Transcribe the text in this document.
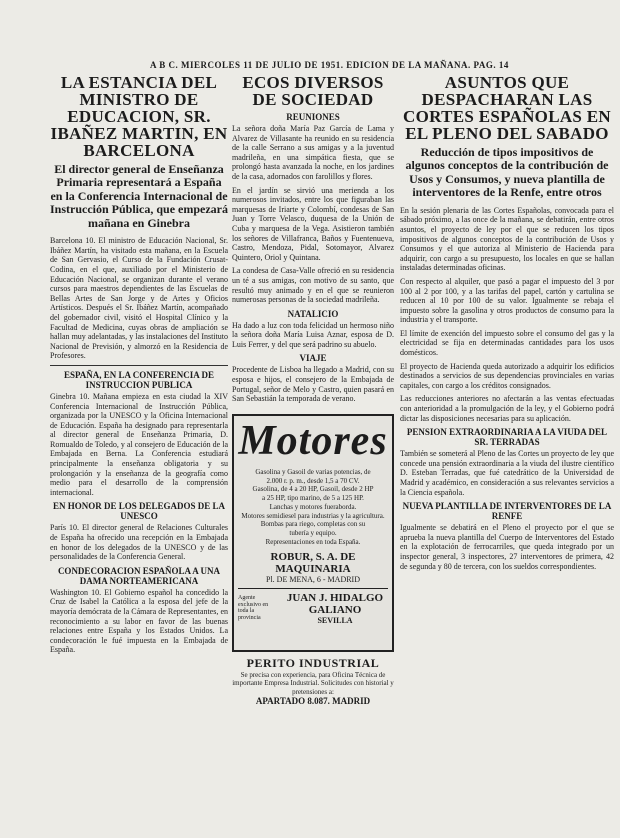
A B C. MIERCOLES 11 DE JULIO DE 1951. EDICION DE LA MAÑANA. PAG. 14
LA ESTANCIA DEL MINISTRO DE EDUCACION, SR. IBAÑEZ MARTIN, EN BARCELONA
El director general de Enseñanza Primaria representará a España en la Conferencia Internacional de Instrucción Pública, que empezará mañana en Ginebra

Barcelona 10. El ministro de Educación Nacional, Sr. Ibáñez Martín, ha visitado esta mañana, en la Escuela de San Gervasio, el Curso de la Fundación Crusat-Codina, en el que, auxiliado por el Ministerio de Educación Nacional, se organizan durante el verano cursos para maestros dependientes de las Escuelas de Bellas Artes de San Jorge y de Artes y Oficios Artísticos. Después el Sr. Ibáñez Martín, acompañado del gobernador civil, visitó el Hospital Clínico y la Facultad de Medicina, cuyas obras de ampliación se hallan muy adelantadas, y las instalaciones del Instituto Nacional de Previsión, y almorzó en la Residencia de Profesores.

ESPAÑA, EN LA CONFERENCIA DE INSTRUCCION PUBLICA

Ginebra 10. Mañana empieza en esta ciudad la XIV Conferencia Internacional de Instrucción Pública, organizada por la UNESCO y la Oficina Internacional de Educación. España ha designado para representarla al director general de Enseñanza Primaria, D. Romualdo de Toledo, y al consejero de Educación de la Embajada en Berna. La Conferencia estudiará principalmente la enseñanza obligatoria y su prolongación y la enseñanza de la geografía como medio para el desarrollo de la comprensión internacional.

EN HONOR DE LOS DELEGADOS DE LA UNESCO

París 10. El director general de Relaciones Culturales de España ha ofrecido una recepción en la Embajada en honor de los delegados de la UNESCO y de las personalidades de la Conferencia General.

CONDECORACION ESPAÑOLA A UNA DAMA NORTEAMERICANA

Washington 10. El Gobierno español ha concedido la Cruz de Isabel la Católica a la esposa del jefe de la mayoría demócrata de la Cámara de Representantes, en reconocimiento a su labor en favor de las buenas relaciones entre España y los Estados Unidos. La condecoración le fué impuesta en la Embajada de España.

ECOS DIVERSOS DE SOCIEDAD
REUNIONES

La señora doña María Paz García de Lama y Alvarez de Villasante ha reunido en su residencia de la calle Serrano a sus amigas y a la juventud madrileña, en una simpática fiesta, que se prolongó hasta avanzada la noche, en los jardines de la casa, adornados con farolillos y flores.

En el jardín se sirvió una merienda a los numerosos invitados, entre los que figuraban las marquesas de Iriarte y Colombí, condesas de San Juan y Torre Velasco, duquesa de la Unión de Cuba y marquesa de la Vega. Asistieron también los señores de Villafranca, Baños y Fuentenueva, Castro, Mendoza, Pidal, Sotomayor, Alvarez Quintero, Oriol y Quintana.

La condesa de Casa-Valle ofreció en su residencia un té a sus amigas, con motivo de su santo, que resultó muy animado y en el que se reunieron numerosas personas de la sociedad madrileña.

NATALICIO

Ha dado a luz con toda felicidad un hermoso niño la señora doña María Luisa Aznar, esposa de D. Luis Ferrer, y del que será padrino su abuelo.

VIAJE

Procedente de Lisboa ha llegado a Madrid, con su esposa e hijos, el consejero de la Embajada de Portugal, señor de Melo y Castro, quien pasará en San Sebastián la temporada de verano.

Motores
Gasolina y Gasoil de varias potencias, de
2.000 r. p. m., desde 1,5 a 70 CV.
Gasolina, de 4 a 20 HP, Gasoil, desde 2 HP
a 25 HP, tipo marino, de 5 a 125 HP.
Lanchas y motores fueraborda.
Motores semidiesel para industrias y la agricultura.
Bombas para riego, completas con su
tubería y equipo.
Representaciones en toda España.
ROBUR, S. A. DE MAQUINARIA
Pl. DE MENA, 6 - MADRID
Agente exclusivo en toda la provincia
JUAN J. HIDALGO GALIANO
SEVILLA
PERITO INDUSTRIAL
Se precisa con experiencia, para Oficina Técnica de importante Empresa Industrial. Solicitudes con historial y pretensiones a:
APARTADO 8.087. MADRID
ASUNTOS QUE DESPACHARAN LAS CORTES ESPAÑOLAS EN EL PLENO DEL SABADO
Reducción de tipos impositivos de algunos conceptos de la contribución de Usos y Consumos, y nueva plantilla de interventores de la Renfe, entre otros

En la sesión plenaria de las Cortes Españolas, convocada para el sábado próximo, a las once de la mañana, se debatirán, entre otros asuntos, el proyecto de ley por el que se reducen los tipos impositivos de algunos conceptos de la contribución de Usos y Consumos y el que autoriza al Ministerio de Hacienda para adquirir, con cargo a su presupuesto, los locales en que se hallan instaladas determinadas oficinas.

Con respecto al alquiler, que pasó a pagar el impuesto del 3 por 100 al 2 por 100, y a las tarifas del papel, cartón y cartulina se reducen al 10 por 100 de su valor. Igualmente se rebaja el impuesto sobre la gasolina y otros productos de consumo para la industria y el transporte.

El límite de exención del impuesto sobre el consumo del gas y la electricidad se fija en determinadas cantidades para los usos domésticos.

El proyecto de Hacienda queda autorizado a adquirir los edificios destinados a servicios de sus dependencias provinciales en varias capitales, con cargo a los créditos consignados.

Las reducciones anteriores no afectarán a las ventas efectuadas con anterioridad a la promulgación de la ley, y el Gobierno podrá dictar las disposiciones necesarias para su aplicación.

PENSION EXTRAORDINARIA A LA VIUDA DEL SR. TERRADAS

También se someterá al Pleno de las Cortes un proyecto de ley que concede una pensión extraordinaria a la viuda del ilustre científico D. Esteban Terradas, que fué catedrático de la Universidad de Madrid y académico, en consideración a sus relevantes servicios a la Ciencia española.

NUEVA PLANTILLA DE INTERVENTORES DE LA RENFE

Igualmente se debatirá en el Pleno el proyecto por el que se aprueba la nueva plantilla del Cuerpo de Interventores del Estado en la explotación de ferrocarriles, que queda integrado por un inspector general, 3 inspectores, 27 interventores de primera, 42 de segunda y 80 de tercera, con los sueldos correspondientes.
